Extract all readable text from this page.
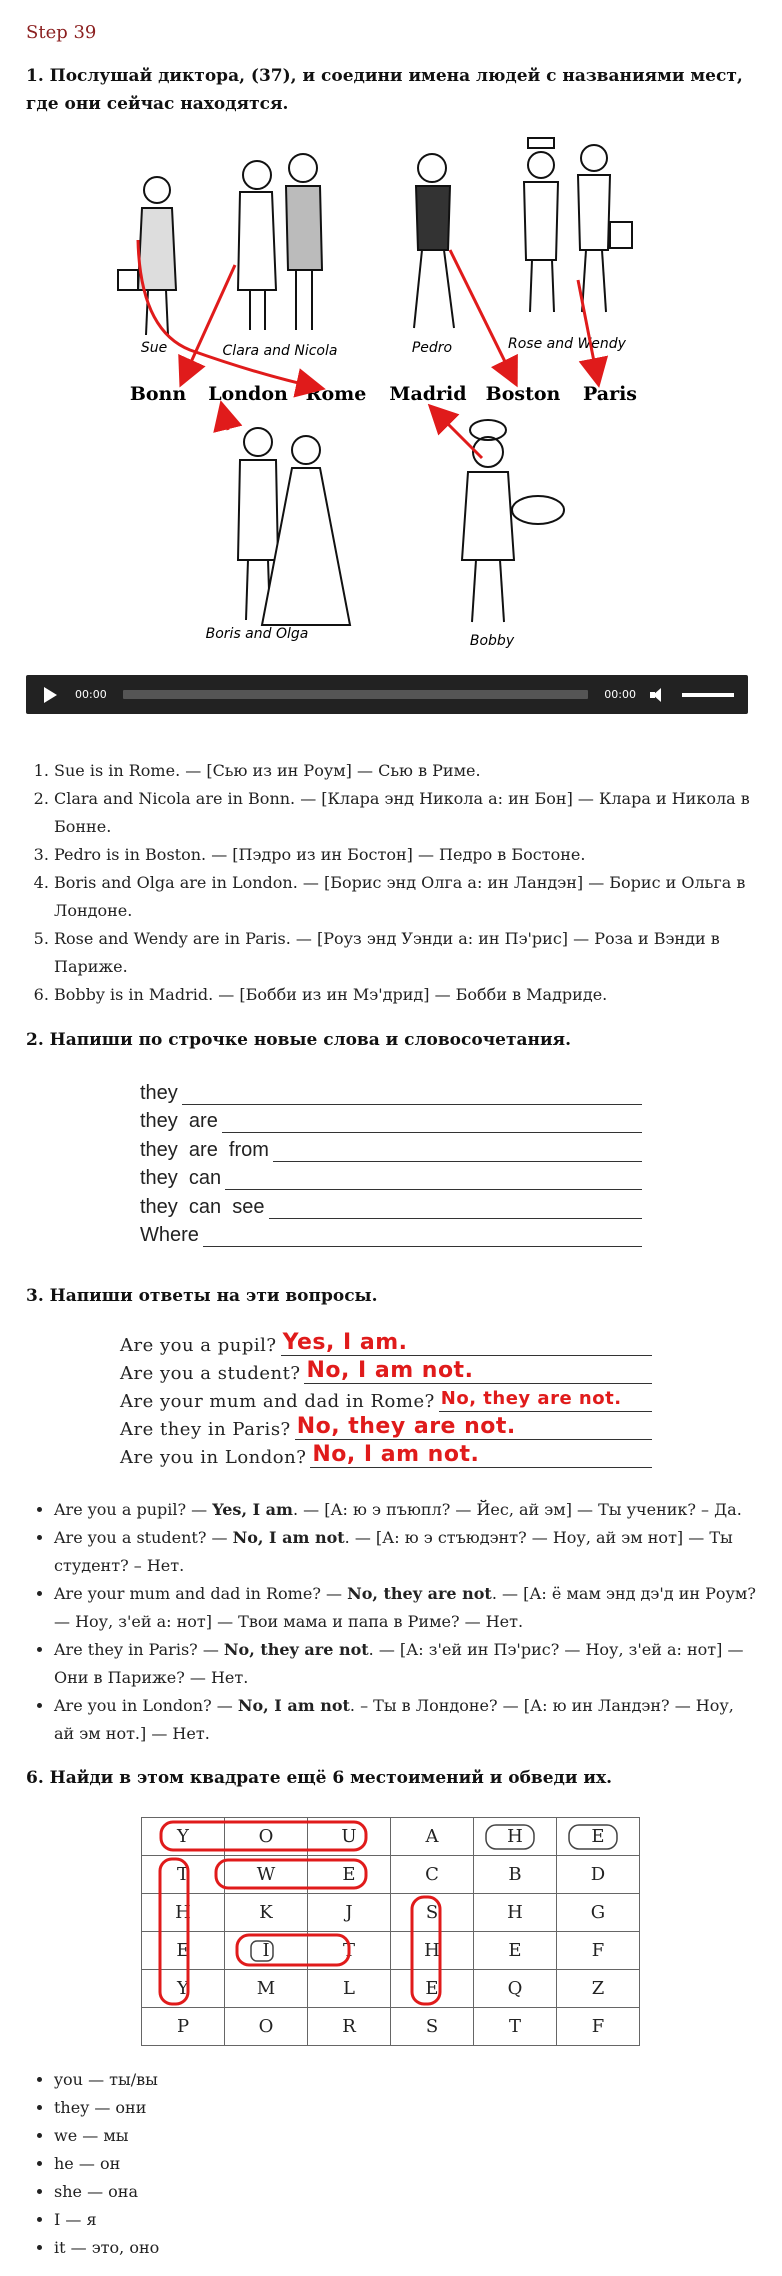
Step 39
1. Послушай диктора, (37), и соедини имена людей с названиями мест, где они сейчас находятся.
Sue	Clara and Nicola	Pedro	Rose and Wendy
Boris and Olga	Bobby
Bonn London Rome Madrid Boston Paris
00:00	00:00
1. Sue is in Rome. — [Сью из ин Роум] — Сью в Риме.
2. Clara and Nicola are in Bonn. — [Клара энд Никола а: ин Бон] — Клара и Никола в Бонне.
3. Pedro is in Boston. — [Пэдро из ин Бостон] — Педро в Бостоне.
4. Boris and Olga are in London. — [Борис энд Олга а: ин Ландэн] — Борис и Ольга в Лондоне.
5. Rose and Wendy are in Paris. — [Роуз энд Уэнди а: ин Пэ'рис] — Роза и Вэнди в Париже.
6. Bobby is in Madrid. — [Бобби из ин Мэ'дрид] — Бобби в Мадриде.
2. Напиши по строчке новые слова и словосочетания.
they
they  are
they  are  from
they  can
they  can  see
Where
3. Напиши ответы на эти вопросы.
Are you a pupil? Yes, I am.
Are you a student? No, I am not.
Are your mum and dad in Rome? No, they are not.
Are they in Paris? No, they are not.
Are you in London? No, I am not.
• Are you a pupil? — Yes, I am. — [А: ю э пъюпл? — Йес, ай эм] — Ты ученик? – Да.
• Are you a student? — No, I am not. — [А: ю э стъюдэнт? — Ноу, ай эм нот] — Ты студент? – Нет.
• Are your mum and dad in Rome? — No, they are not. — [А: ё мам энд дэ'д ин Роум? — Ноу, з'ей а: нот] — Твои мама и папа в Риме? — Нет.
• Are they in Paris? — No, they are not. — [А: з'ей ин Пэ'рис? — Ноу, з'ей а: нот] — Они в Париже? — Нет.
• Are you in London? — No, I am not. – Ты в Лондоне? — [А: ю ин Ландэн? — Ноу, ай эм нот.] — Нет.
6. Найди в этом квадрате ещё 6 местоимений и обведи их.
Y	O	U	A	H	E
T	W	E	C	B	D
H	K	J	S	H	G
E	I	T	H	E	F
Y	M	L	E	Q	Z
P	O	R	S	T	F
• you — ты/вы
• they — они
• we — мы
• he — он
• she — она
• I — я
• it — это, оно
